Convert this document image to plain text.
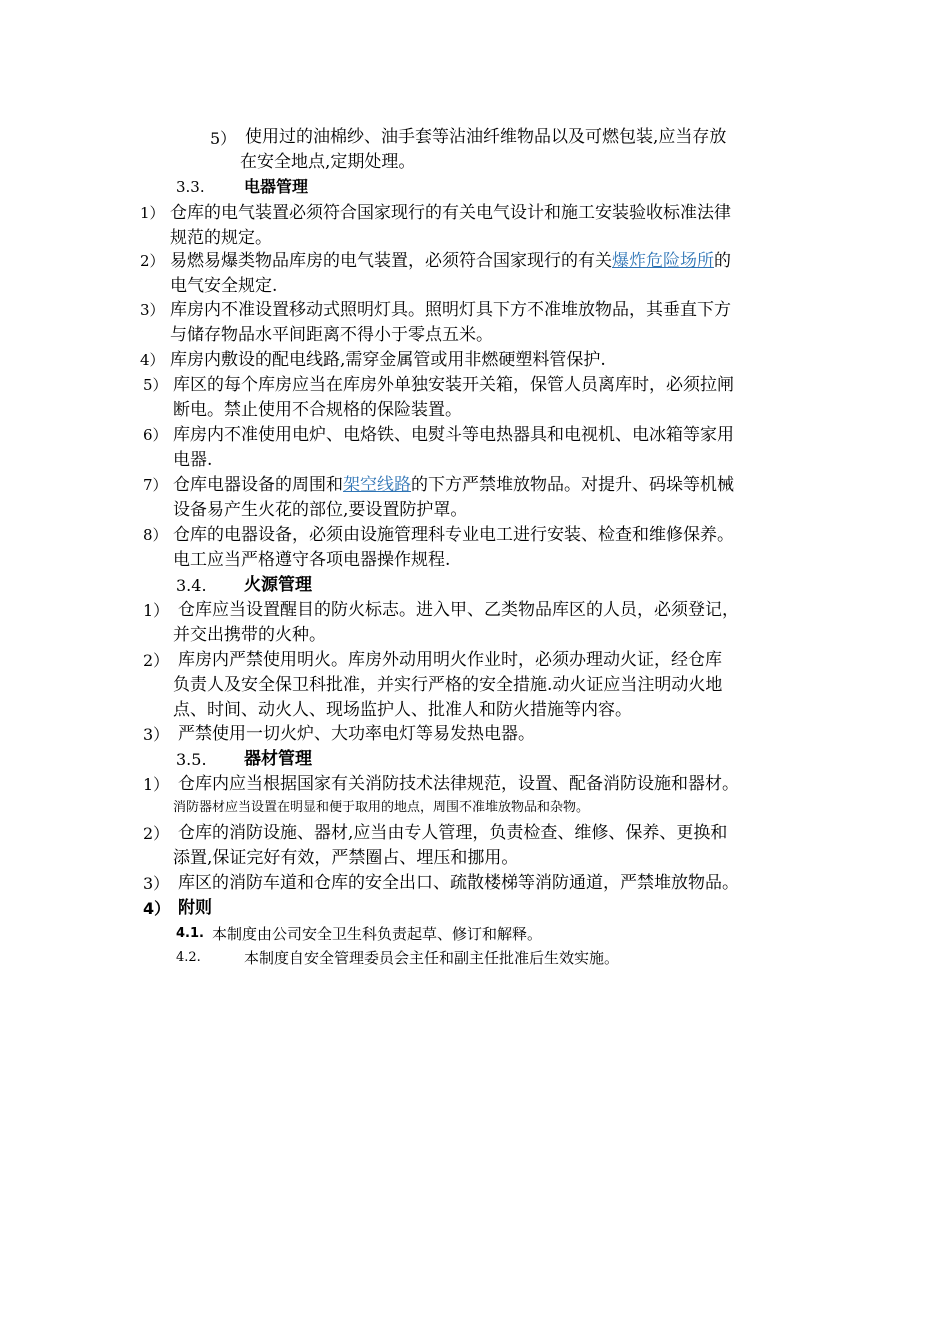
5） 使用过的油棉纱、油手套等沾油纤维物品以及可燃包装,应当存放
在安全地点,定期处理。
3.3. 电器管理
1） 仓库的电气装置必须符合国家现行的有关电气设计和施工安装验收标准法律
规范的规定。
2） 易燃易爆类物品库房的电气装置，必须符合国家现行的有关爆炸危险场所的
电气安全规定.
3） 库房内不准设置移动式照明灯具。照明灯具下方不准堆放物品，其垂直下方
与储存物品水平间距离不得小于零点五米。
4） 库房内敷设的配电线路,需穿金属管或用非燃硬塑料管保护.
5） 库区的每个库房应当在库房外单独安装开关箱，保管人员离库时，必须拉闸
断电。禁止使用不合规格的保险装置。
6） 库房内不准使用电炉、电烙铁、电熨斗等电热器具和电视机、电冰箱等家用
电器.
7） 仓库电器设备的周围和架空线路的下方严禁堆放物品。对提升、码垛等机械
设备易产生火花的部位,要设置防护罩。
8） 仓库的电器设备，必须由设施管理科专业电工进行安装、检查和维修保养。
电工应当严格遵守各项电器操作规程.
3.4. 火源管理
1） 仓库应当设置醒目的防火标志。进入甲、乙类物品库区的人员，必须登记，
并交出携带的火种。
2） 库房内严禁使用明火。库房外动用明火作业时，必须办理动火证，经仓库
负责人及安全保卫科批准，并实行严格的安全措施.动火证应当注明动火地
点、时间、动火人、现场监护人、批准人和防火措施等内容。
3） 严禁使用一切火炉、大功率电灯等易发热电器。
3.5. 器材管理
1） 仓库内应当根据国家有关消防技术法律规范，设置、配备消防设施和器材。
消防器材应当设置在明显和便于取用的地点，周围不准堆放物品和杂物。
2） 仓库的消防设施、器材,应当由专人管理，负责检查、维修、保养、更换和
添置,保证完好有效，严禁圈占、埋压和挪用。
3） 库区的消防车道和仓库的安全出口、疏散楼梯等消防通道，严禁堆放物品。
4） 附则
4.1. 本制度由公司安全卫生科负责起草、修订和解释。
4.2.	本制度自安全管理委员会主任和副主任批准后生效实施。
